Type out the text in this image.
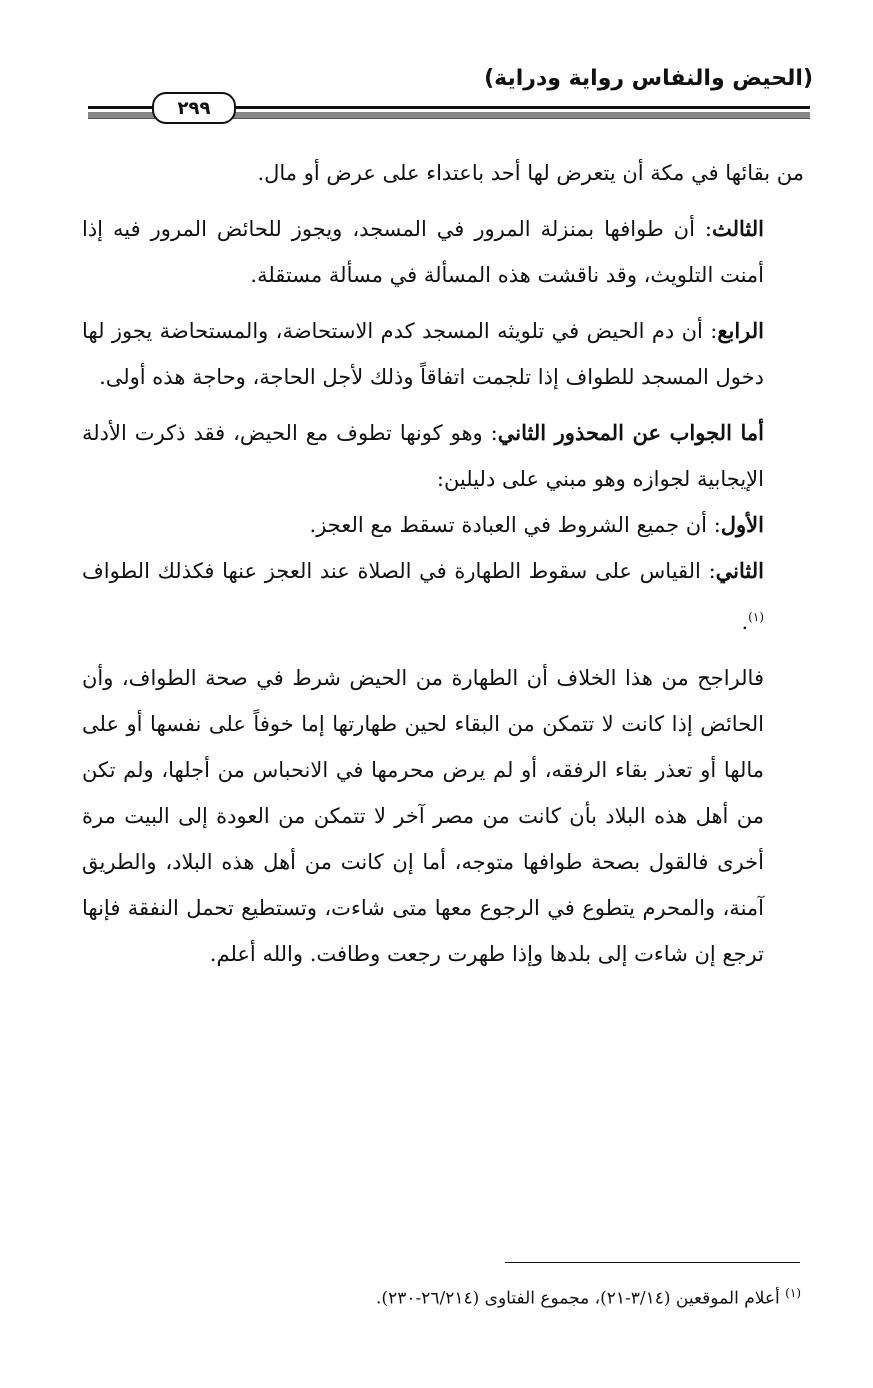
(الحيض والنفاس رواية ودراية)
٢٩٩

من بقائها في مكة أن يتعرض لها أحد باعتداء على عرض أو مال.

الثالث: أن طوافها بمنزلة المرور في المسجد، ويجوز للحائض المرور فيه إذا أمنت التلويث، وقد ناقشت هذه المسألة في مسألة مستقلة.

الرابع: أن دم الحيض في تلويثه المسجد كدم الاستحاضة، والمستحاضة يجوز لها دخول المسجد للطواف إذا تلجمت اتفاقاً وذلك لأجل الحاجة، وحاجة هذه أولى.

أما الجواب عن المحذور الثاني: وهو كونها تطوف مع الحيض، فقد ذكرت الأدلة الإيجابية لجوازه وهو مبني على دليلين:

الأول: أن جميع الشروط في العبادة تسقط مع العجز.

الثاني: القياس على سقوط الطهارة في الصلاة عند العجز عنها فكذلك الطواف $^{(١)}$.

فالراجح من هذا الخلاف أن الطهارة من الحيض شرط في صحة الطواف، وأن الحائض إذا كانت لا تتمكن من البقاء لحين طهارتها إما خوفاً على نفسها أو على مالها أو تعذر بقاء الرفقه، أو لم يرض محرمها في الانحباس من أجلها، ولم تكن من أهل هذه البلاد بأن كانت من مصر آخر لا تتمكن من العودة إلى البيت مرة أخرى فالقول بصحة طوافها متوجه، أما إن كانت من أهل هذه البلاد، والطريق آمنة، والمحرم يتطوع في الرجوع معها متى شاءت، وتستطيع تحمل النفقة فإنها ترجع إن شاءت إلى بلدها وإذا طهرت رجعت وطافت. والله أعلم.

$^{(١)}$ أعلام الموقعين (٣/١٤-٢١)، مجموع الفتاوى (٢٦/٢١٤-٢٣٠).
